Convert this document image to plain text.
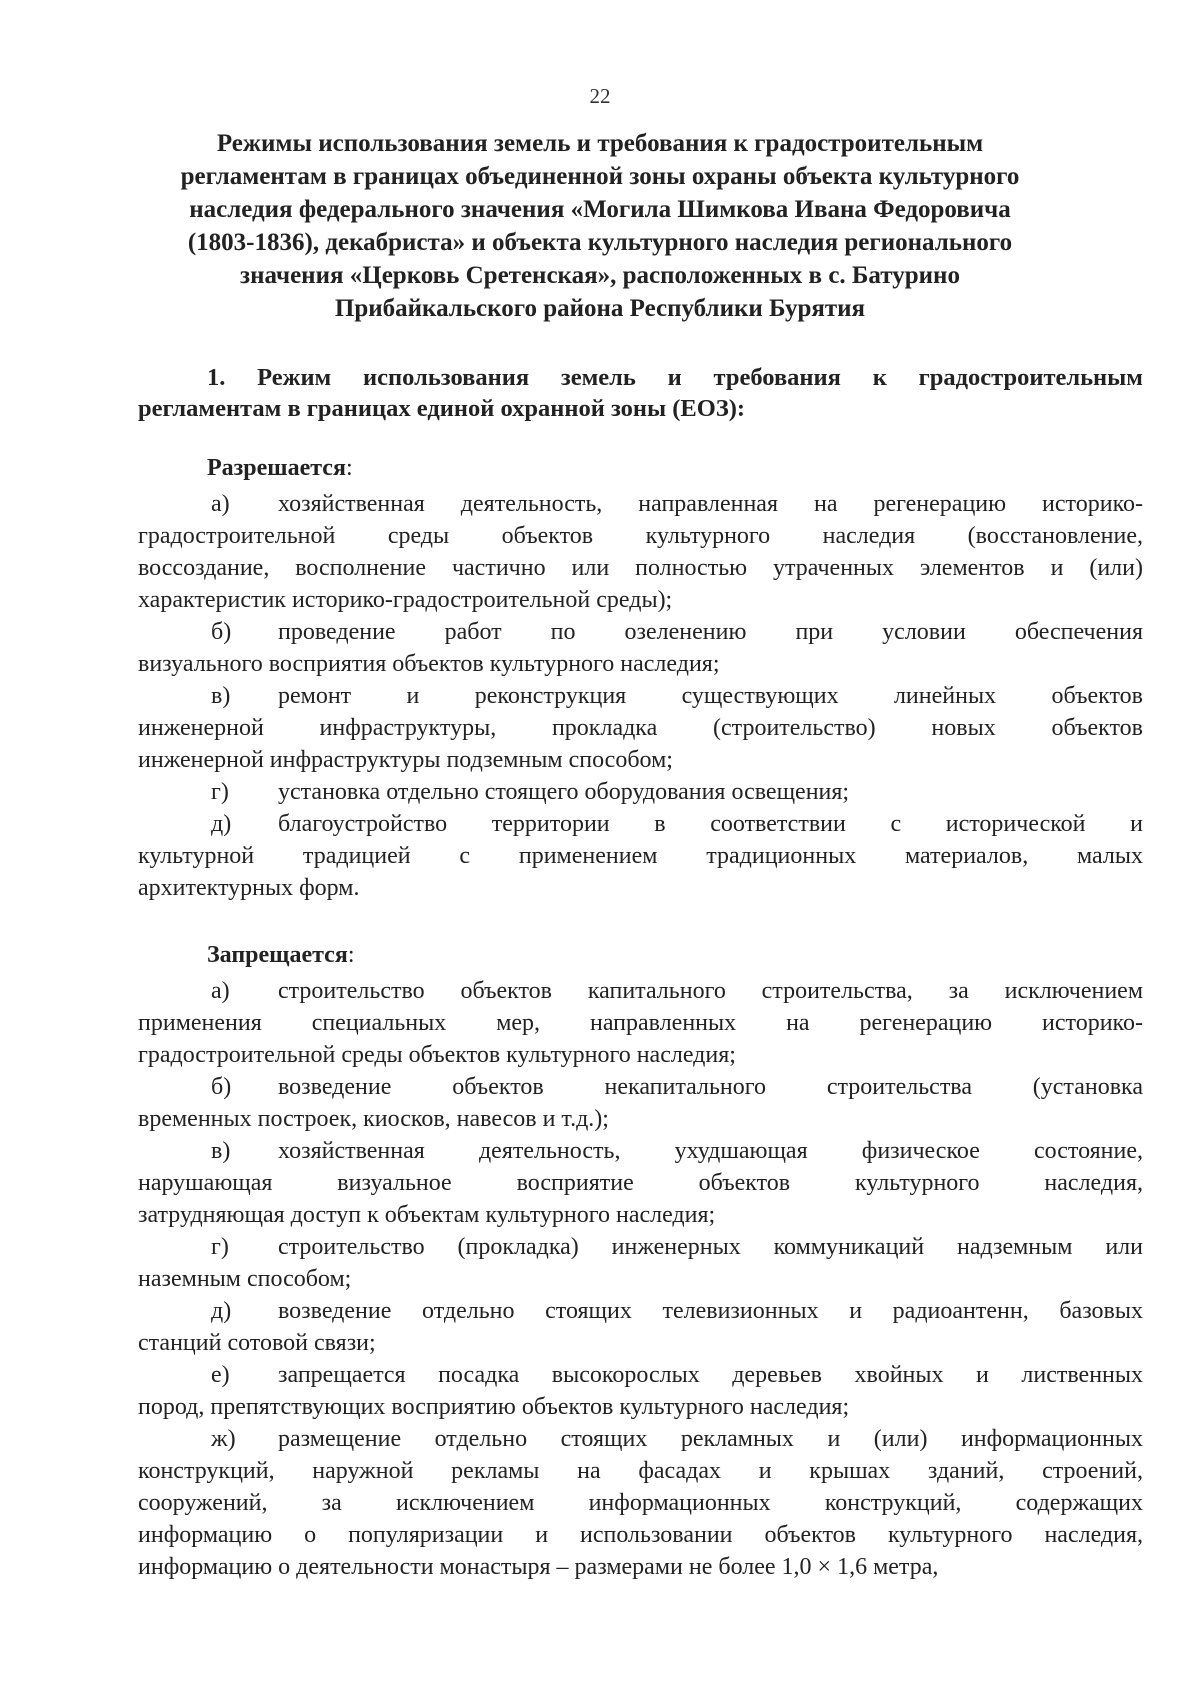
22
Режимы использования земель и требования к градостроительным
регламентам в границах объединенной зоны охраны объекта культурного
наследия федерального значения «Могила Шимкова Ивана Федоровича
(1803-1836), декабриста» и объекта культурного наследия регионального
значения «Церковь Сретенская», расположенных в с. Батурино
Прибайкальского района Республики Бурятия
1. Режим использования земель и требования к градостроительным
регламентам в границах единой охранной зоны (ЕОЗ):
Разрешается:
а) хозяйственная деятельность, направленная на регенерацию историко-
градостроительной среды объектов культурного наследия (восстановление,
воссоздание, восполнение частично или полностью утраченных элементов и (или)
характеристик историко-градостроительной среды);
б) проведение работ по озеленению при условии обеспечения
визуального восприятия объектов культурного наследия;
в) ремонт и реконструкция существующих линейных объектов
инженерной инфраструктуры, прокладка (строительство) новых объектов
инженерной инфраструктуры подземным способом;
г) установка отдельно стоящего оборудования освещения;
д) благоустройство территории в соответствии с исторической и
культурной традицией с применением традиционных материалов, малых
архитектурных форм.
Запрещается:
а) строительство объектов капитального строительства, за исключением
применения специальных мер, направленных на регенерацию историко-
градостроительной среды объектов культурного наследия;
б) возведение объектов некапитального строительства (установка
временных построек, киосков, навесов и т.д.);
в) хозяйственная деятельность, ухудшающая физическое состояние,
нарушающая визуальное восприятие объектов культурного наследия,
затрудняющая доступ к объектам культурного наследия;
г) строительство (прокладка) инженерных коммуникаций надземным или
наземным способом;
д) возведение отдельно стоящих телевизионных и радиоантенн, базовых
станций сотовой связи;
е) запрещается посадка высокорослых деревьев хвойных и лиственных
пород, препятствующих восприятию объектов культурного наследия;
ж) размещение отдельно стоящих рекламных и (или) информационных
конструкций, наружной рекламы на фасадах и крышах зданий, строений,
сооружений, за исключением информационных конструкций, содержащих
информацию о популяризации и использовании объектов культурного наследия,
информацию о деятельности монастыря – размерами не более 1,0 × 1,6 метра,
